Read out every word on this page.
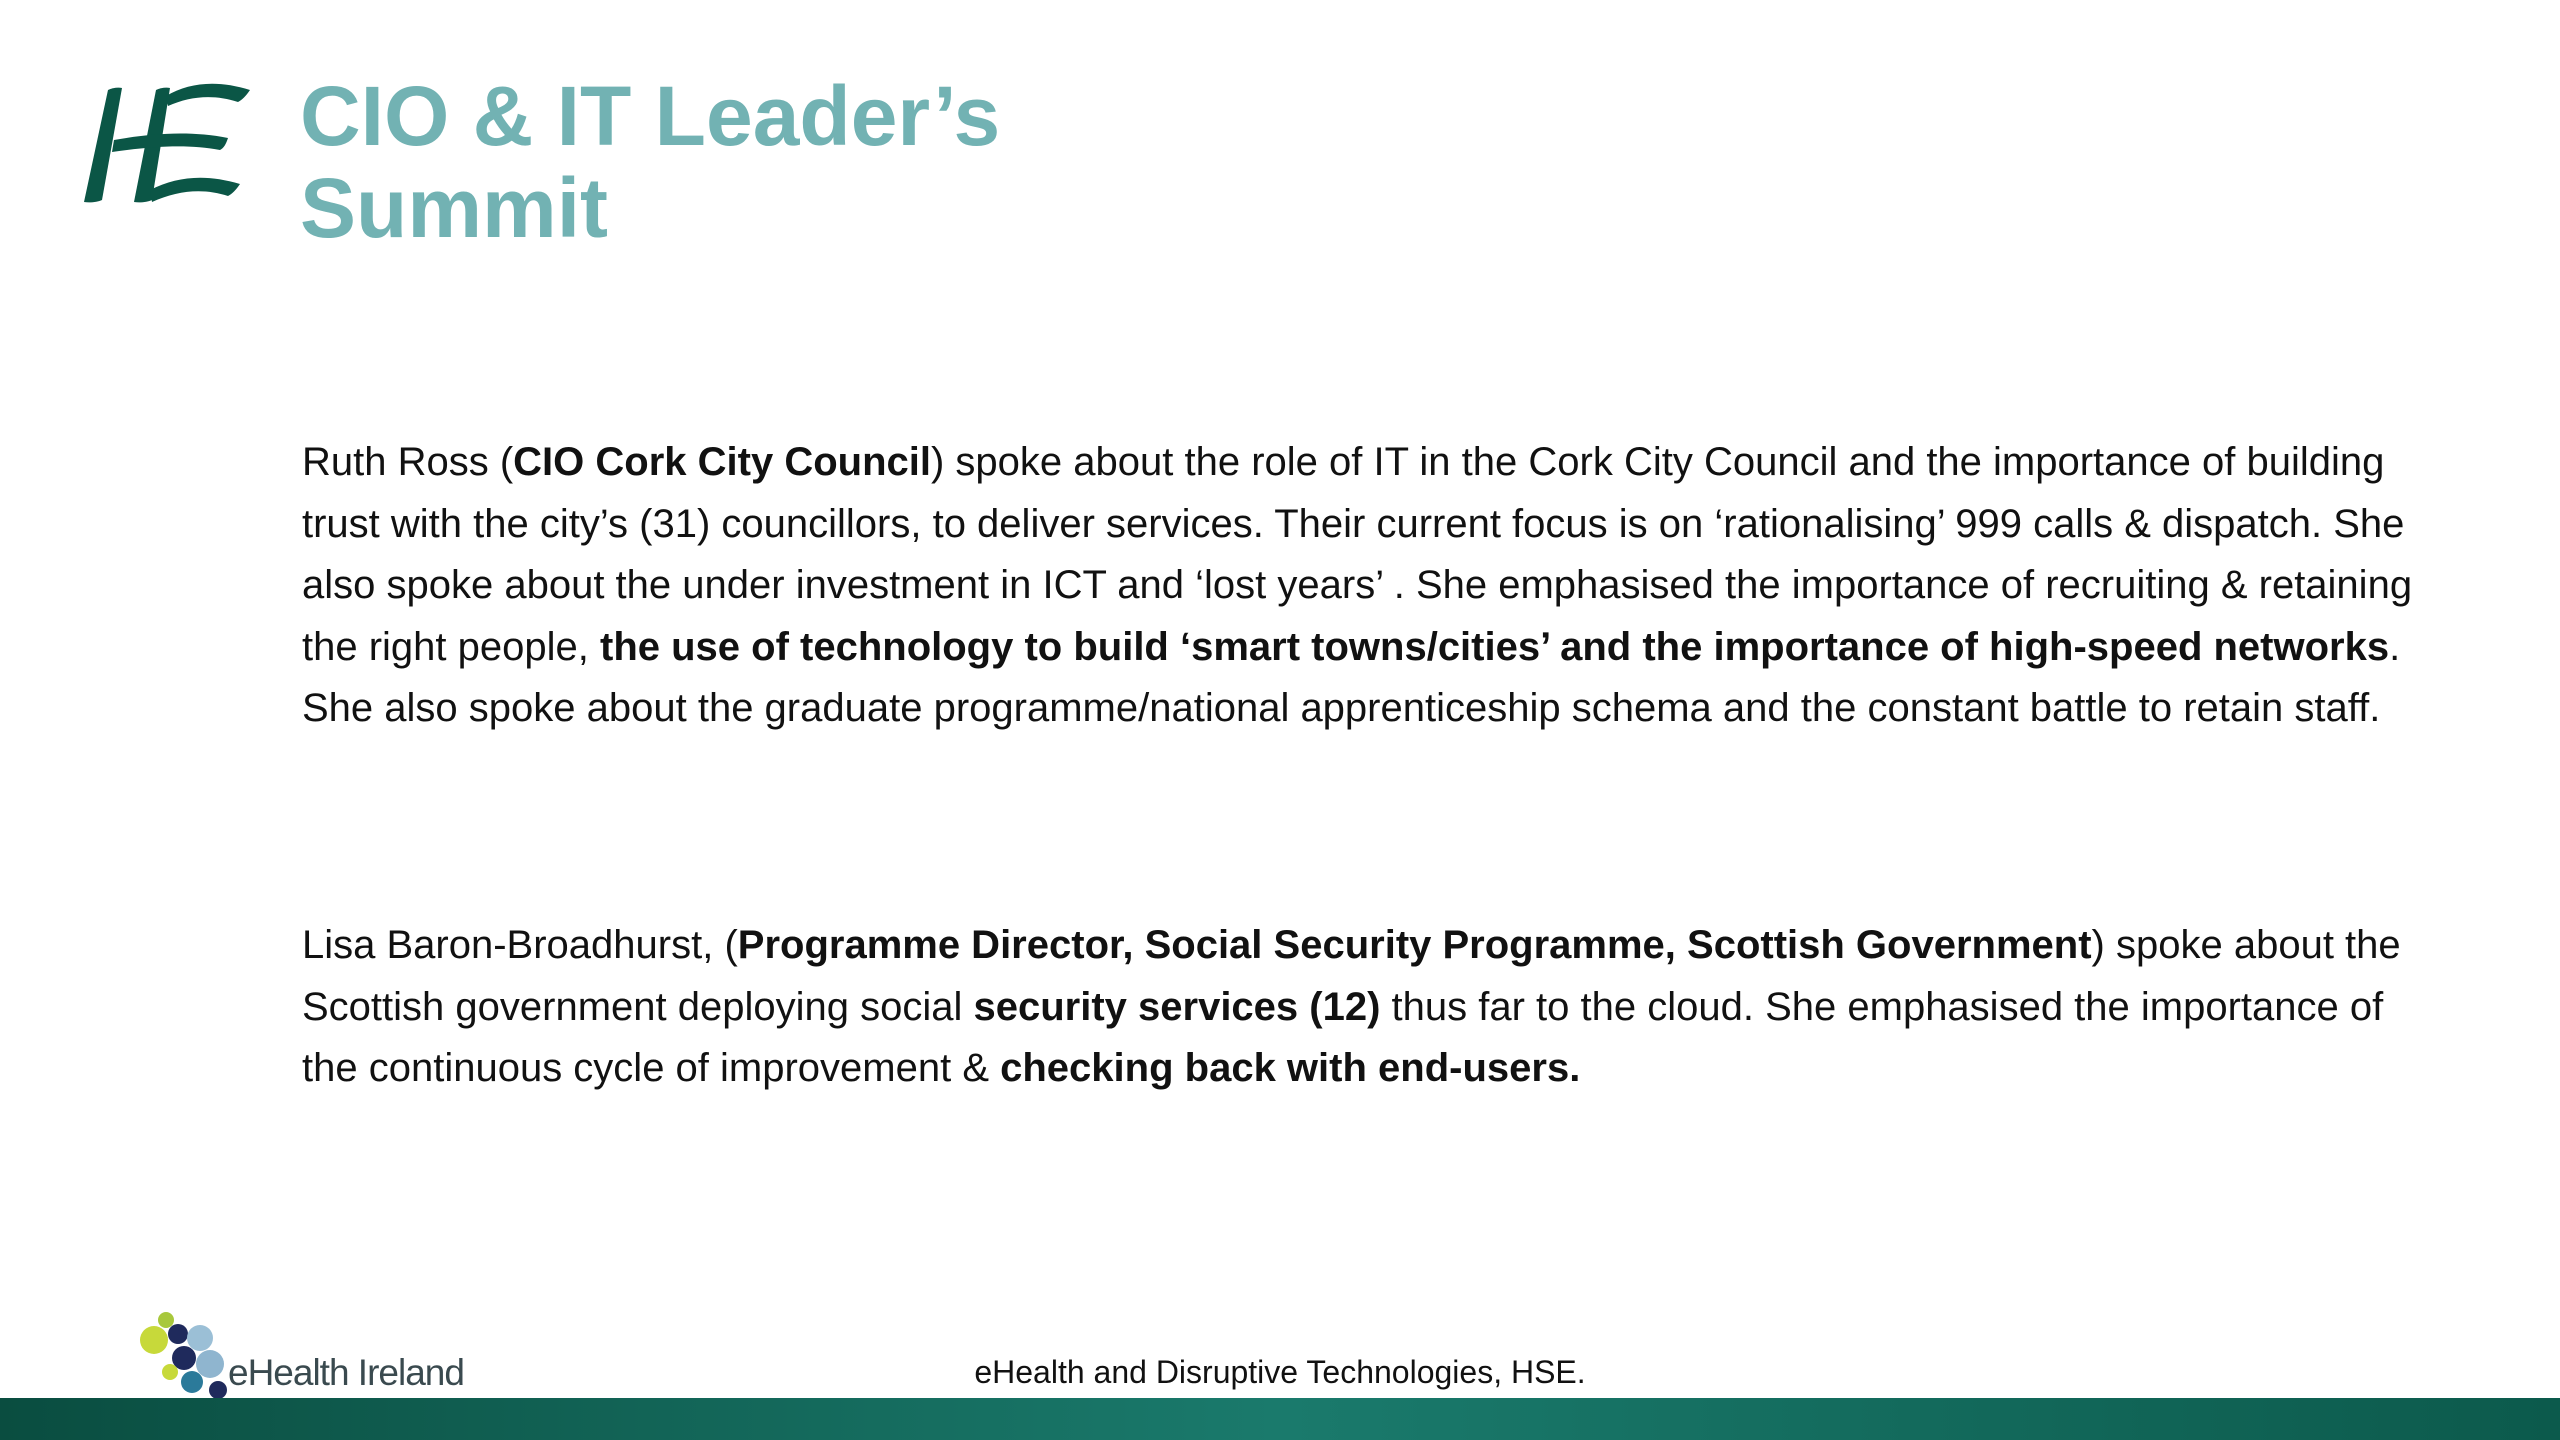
CIO & IT Leader’s
Summit

Ruth Ross (CIO Cork City Council) spoke about the role of IT in the Cork City Council and the importance of building trust with the city’s (31) councillors, to deliver services. Their current focus is on ‘rationalising’ 999 calls & dispatch. She also spoke about the under investment in ICT and ‘lost years’ . She emphasised the importance of recruiting & retaining the right people, the use of technology to build ‘smart towns/cities’ and the importance of high-speed networks. She also spoke about the graduate programme/national apprenticeship schema and the constant battle to retain staff.

Lisa Baron-Broadhurst, (Programme Director, Social Security Programme, Scottish Government) spoke about the Scottish government deploying social security services (12) thus far to the cloud. She emphasised the importance of the continuous cycle of improvement & checking back with end-users.

eHealth Ireland	eHealth and Disruptive Technologies, HSE.
